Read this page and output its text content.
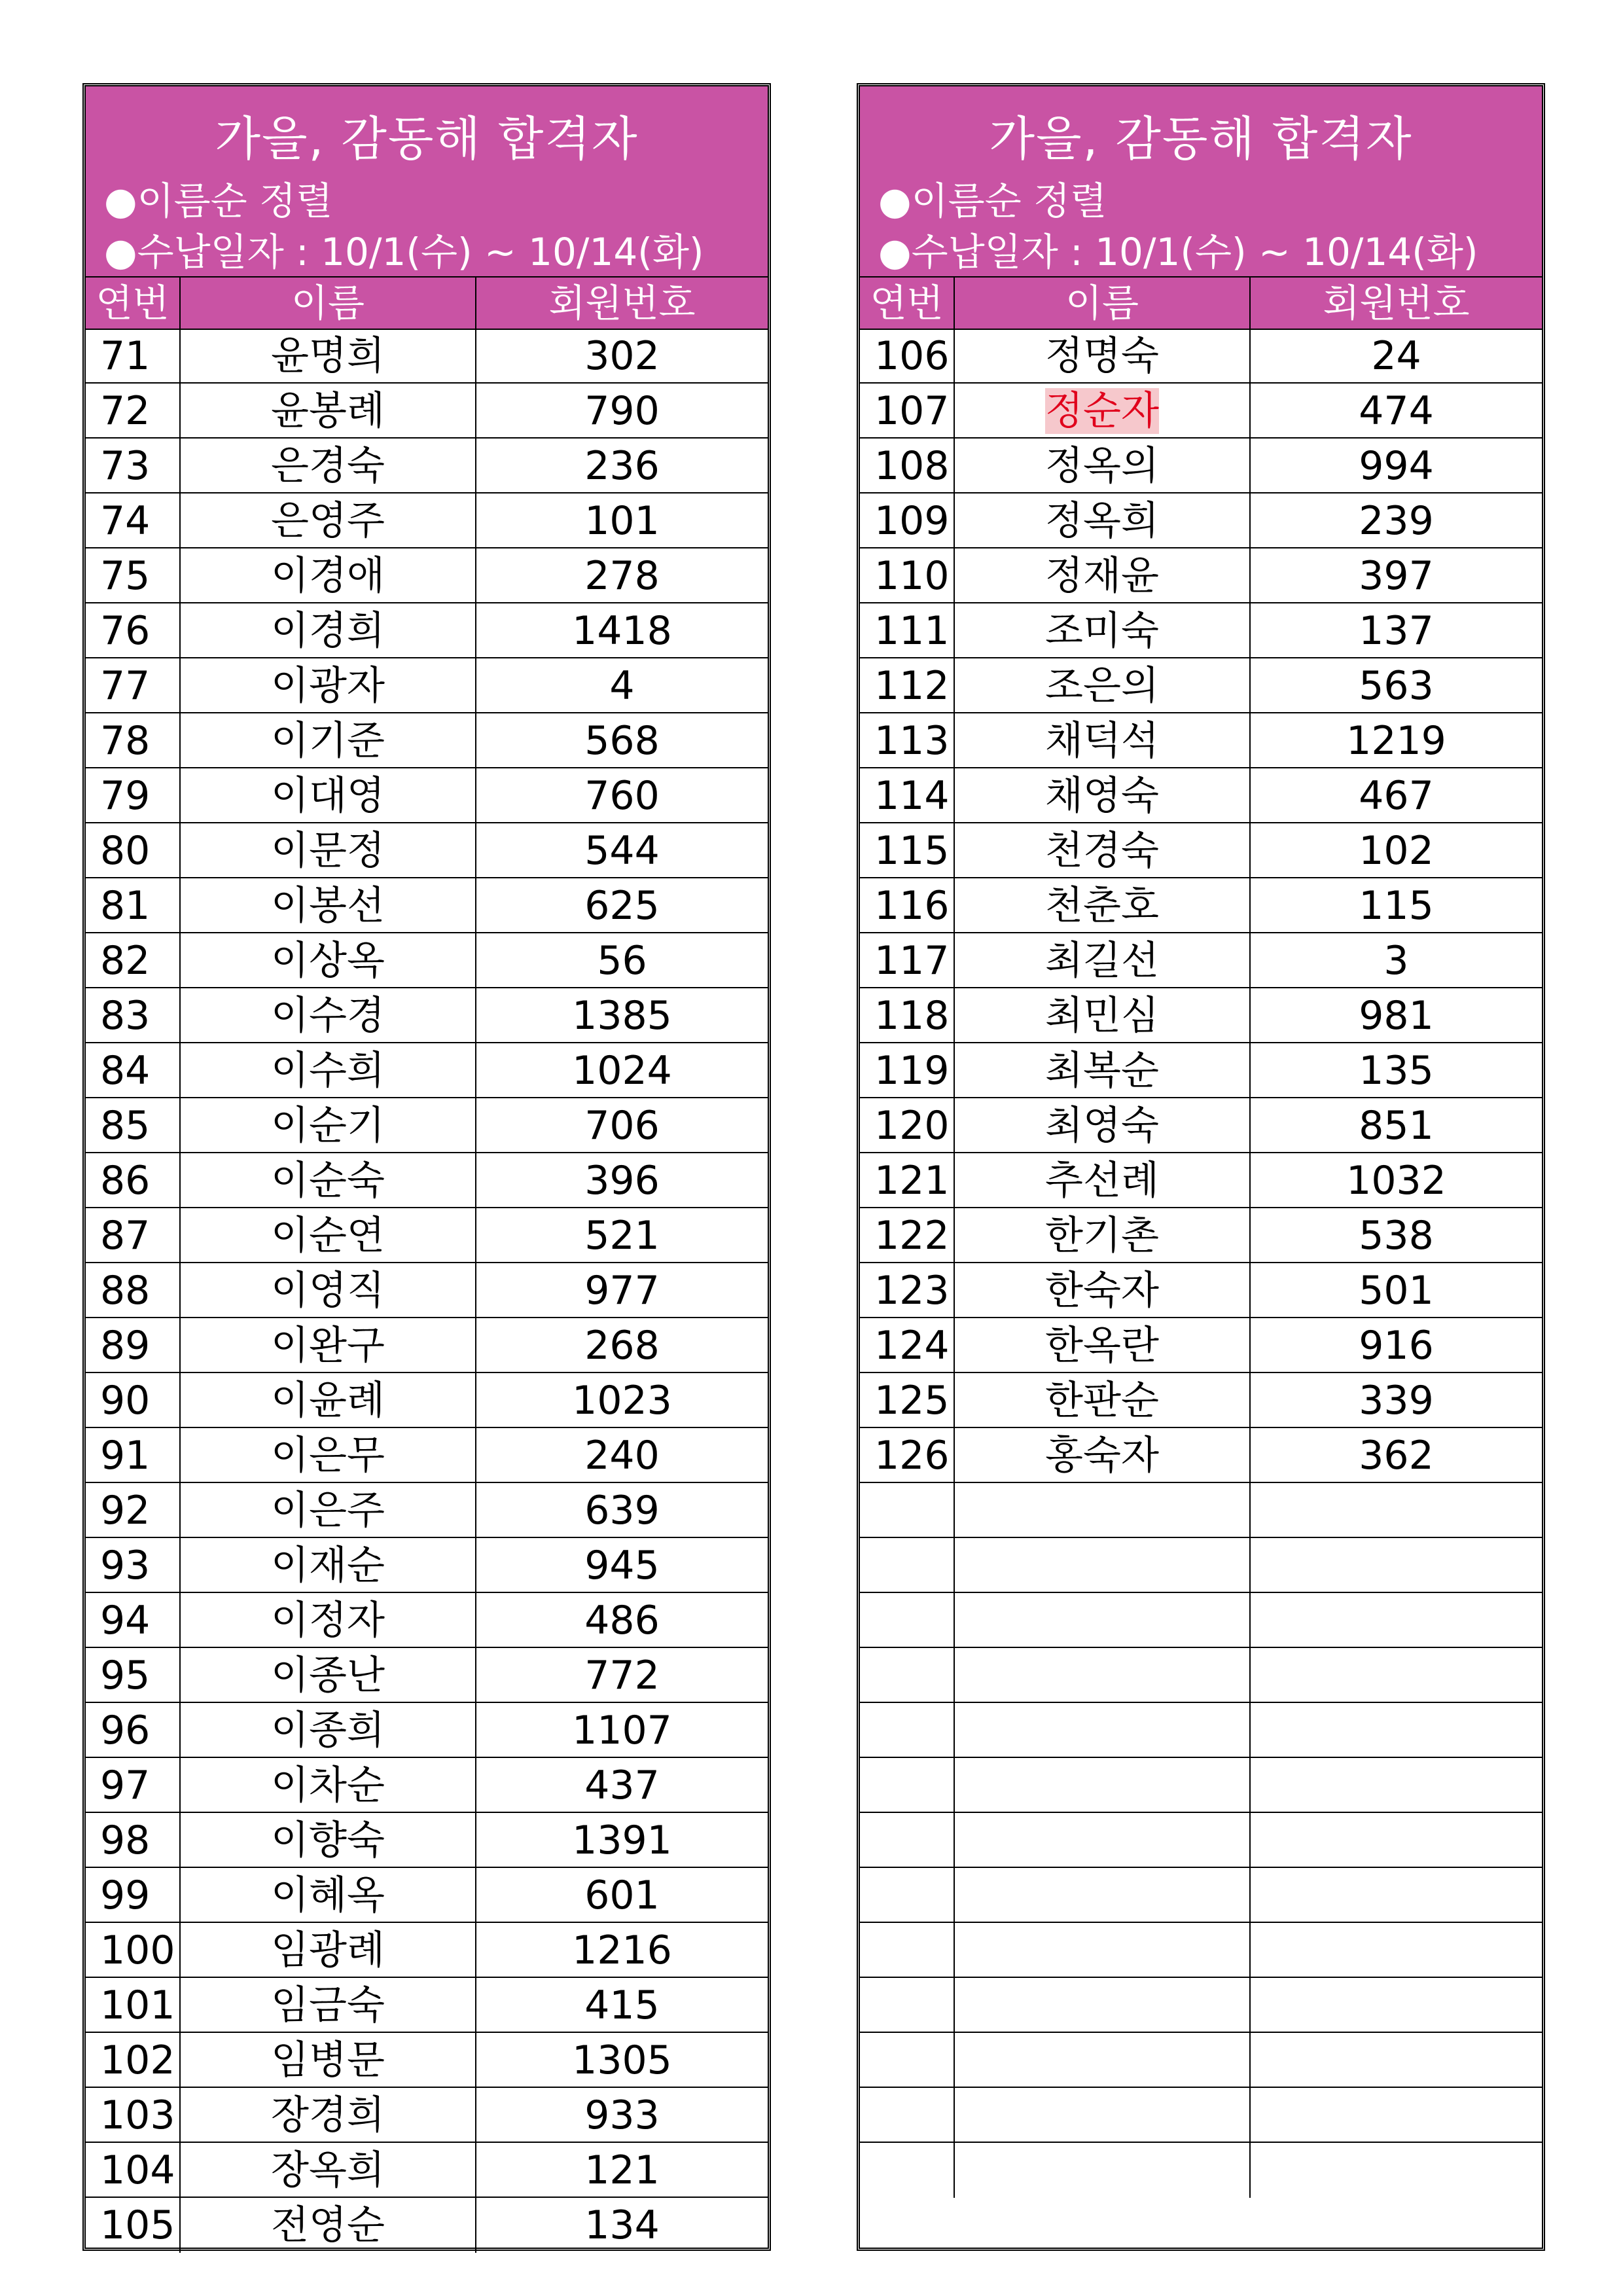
가을, 감동해 합격자
●이름순 정렬
●수납일자 : 10/1(수) ~ 10/14(화)
연번	이름	회원번호
71	윤명희	302
72	윤봉례	790
73	은경숙	236
74	은영주	101
75	이경애	278
76	이경희	1418
77	이광자	4
78	이기준	568
79	이대영	760
80	이문정	544
81	이봉선	625
82	이상옥	56
83	이수경	1385
84	이수희	1024
85	이순기	706
86	이순숙	396
87	이순연	521
88	이영직	977
89	이완구	268
90	이윤례	1023
91	이은무	240
92	이은주	639
93	이재순	945
94	이정자	486
95	이종난	772
96	이종희	1107
97	이차순	437
98	이향숙	1391
99	이혜옥	601
100	임광례	1216
101	임금숙	415
102	임병문	1305
103	장경희	933
104	장옥희	121
105	전영순	134
가을, 감동해 합격자
●이름순 정렬
●수납일자 : 10/1(수) ~ 10/14(화)
연번	이름	회원번호
106	정명숙	24
107	정순자	474
108	정옥의	994
109	정옥희	239
110	정재윤	397
111	조미숙	137
112	조은의	563
113	채덕석	1219
114	채영숙	467
115	천경숙	102
116	천춘호	115
117	최길선	3
118	최민심	981
119	최복순	135
120	최영숙	851
121	추선례	1032
122	한기촌	538
123	한숙자	501
124	한옥란	916
125	한판순	339
126	홍숙자	362
